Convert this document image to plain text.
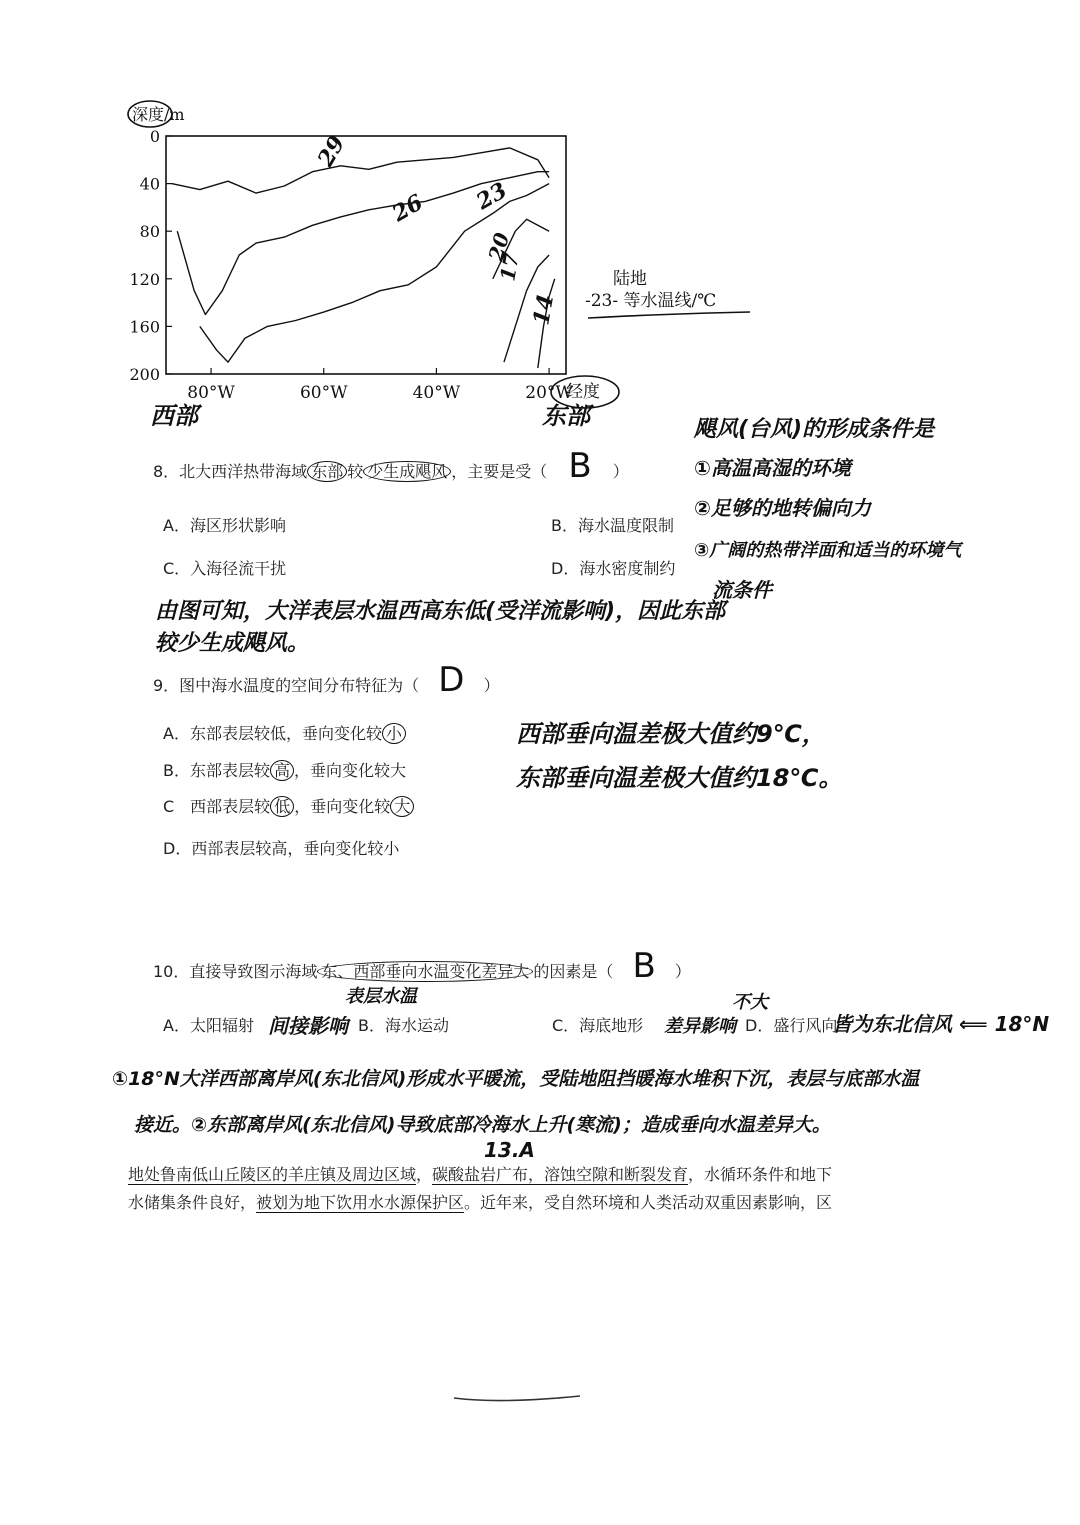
0
40
80
120
160
200
80°W	60°W	40°W	20°W
深度/m
经度
陆地
-23- 等水温线/℃
29
26 23
20
17
14
西部	东部
8．北大西洋热带海域 东部 较 少生成飓风 ，主要是受（ B ）
A．海区形状影响	B．海水温度限制
C．入海径流干扰	D．海水密度制约
由图可知，大洋表层水温西高东低(受洋流影响)，因此东部
较少生成飓风。
飓风(台风)的形成条件是
①高温高湿的环境
②足够的地转偏向力
③广阔的热带洋面和适当的环境气
流条件
9．图中海水温度的空间分布特征为（ D ）
A．东部表层较低，垂向变化较 小
B．东部表层较 高 ，垂向变化较大
C　西部表层较 低 ，垂向变化较 大
D．西部表层较高，垂向变化较小
西部垂向温差极大值约9℃，
东部垂向温差极大值约18℃。
10．直接导致图示海域 东、西部垂向水温变化差异大 的因素是（ B ）
表层水温	不大
A．太阳辐射 间接影响 B．海水运动	C．海底地形 差异影响 D．盛行风向
皆为东北信风 ⟸ 18°N
①18°N大洋西部离岸风(东北信风)形成水平暖流，受陆地阻挡暖海水堆积下沉，表层与底部水温
接近。②东部离岸风(东北信风)导致底部冷海水上升(寒流)；造成垂向水温差异大。
13.A
地处鲁南低山丘陵区的羊庄镇及周边区域，碳酸盐岩广布，溶蚀空隙和断裂发育，水循环条件和地下
水储集条件良好，被划为地下饮用水水源保护区。近年来，受自然环境和人类活动双重因素影响，区
